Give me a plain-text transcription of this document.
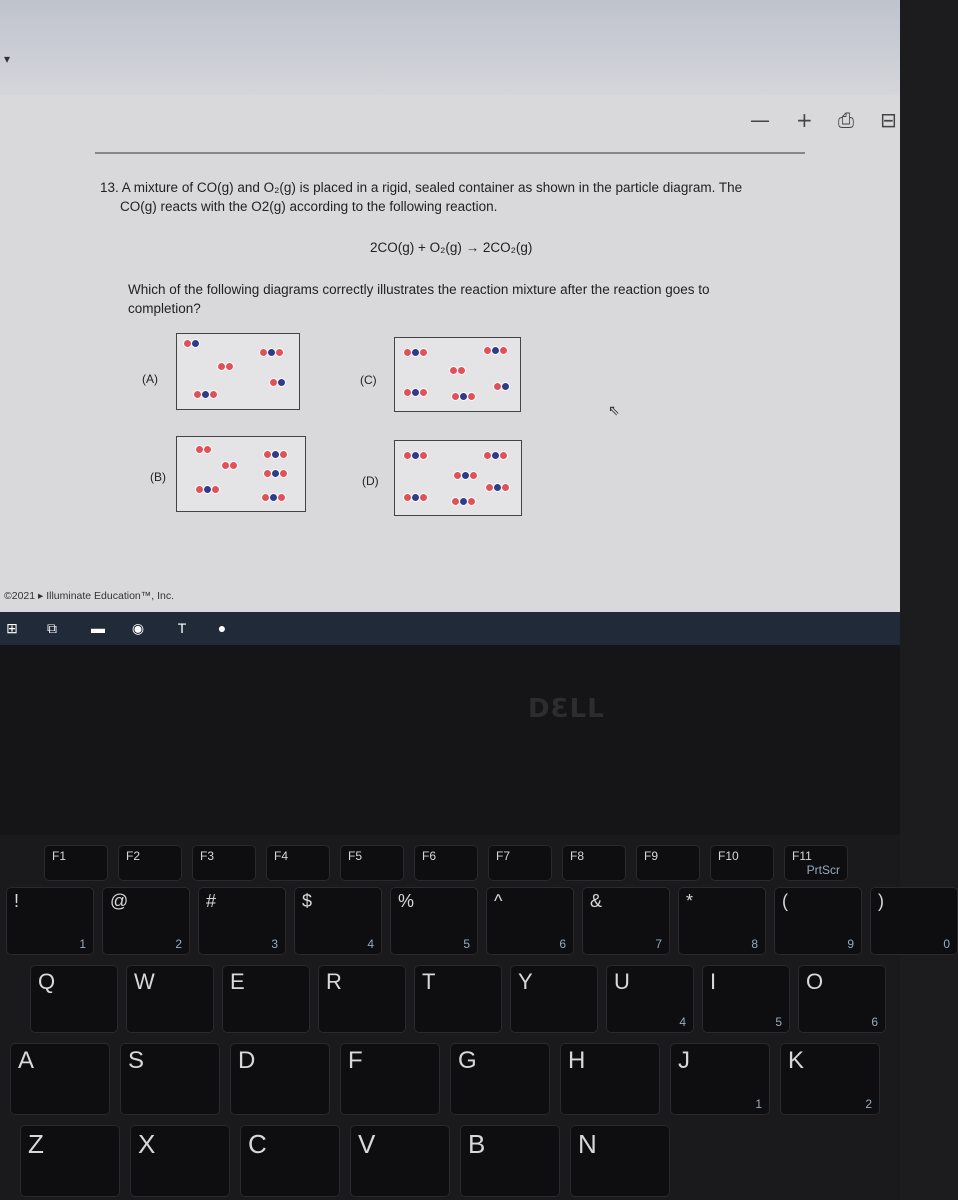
▾
— + ⎙ ⊟
13. A mixture of CO(g) and O₂(g) is placed in a rigid, sealed container as shown in the particle diagram. The
CO(g) reacts with the O2(g) according to the following reaction.
2CO(g) + O₂(g) → 2CO₂(g)
Which of the following diagrams correctly illustrates the reaction mixture after the reaction goes to
completion?
(A)
(B)
(C)
(D)
⇖
©2021 ▸ Illuminate Education™, Inc.
⊞	⧉	▬ ◉	T	●
DƐLL
F1	F2	F3	F4	F5	F6	F7	F8	F9	F10	F11
PrtScr
!
1
@
2
#
3
$
4
%
5
^
6
&
7
*
8
(
9
)
0
Q	W	E	R	T	Y	U
4
I
5
O
6
A	S	D	F	G	H	J
1
K
2
Z	X	C	V	B	N
